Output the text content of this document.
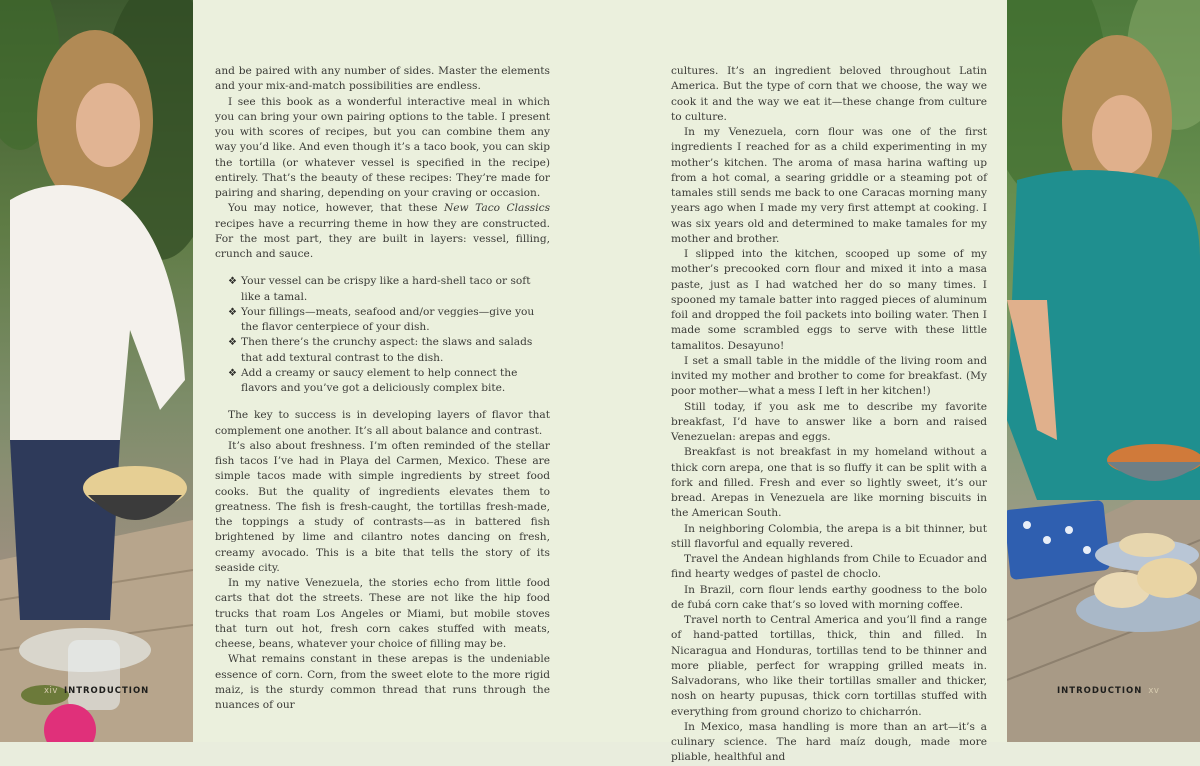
and be paired with any number of sides. Master the elements and your mix-and-match possibilities are endless.

I see this book as a wonderful interactive meal in which you can bring your own pairing options to the table. I present you with scores of recipes, but you can combine them any way you’d like. And even though it’s a taco book, you can skip the tortilla (or whatever vessel is specified in the recipe) entirely. That’s the beauty of these recipes: They’re made for pairing and sharing, depending on your craving or occasion.

You may notice, however, that these New Taco Classics recipes have a recurring theme in how they are constructed. For the most part, they are built in layers: vessel, filling, crunch and sauce.

❖ Your vessel can be crispy like a hard-shell taco or soft like a tamal.
❖ Your fillings—meats, seafood and/or veggies—give you the flavor centerpiece of your dish.
❖ Then there’s the crunchy aspect: the slaws and salads that add textural contrast to the dish.
❖ Add a creamy or saucy element to help connect the flavors and you’ve got a deliciously complex bite.

The key to success is in developing layers of flavor that complement one another. It’s all about balance and contrast.

It’s also about freshness. I’m often reminded of the stellar fish tacos I’ve had in Playa del Carmen, Mexico. These are simple tacos made with simple ingredients by street food cooks. But the quality of ingredients elevates them to greatness. The fish is fresh-caught, the tortillas fresh-made, the toppings a study of contrasts—as in battered fish brightened by lime and cilantro notes dancing on fresh, creamy avocado. This is a bite that tells the story of its seaside city.

In my native Venezuela, the stories echo from little food carts that dot the streets. These are not like the hip food trucks that roam Los Angeles or Miami, but mobile stoves that turn out hot, fresh corn cakes stuffed with meats, cheese, beans, whatever your choice of filling may be.

What remains constant in these arepas is the undeniable essence of corn. Corn, from the sweet elote to the more rigid maiz, is the sturdy common thread that runs through the nuances of our

cultures. It’s an ingredient beloved throughout Latin America. But the type of corn that we choose, the way we cook it and the way we eat it—these change from culture to culture.

In my Venezuela, corn flour was one of the first ingredients I reached for as a child experimenting in my mother’s kitchen. The aroma of masa harina wafting up from a hot comal, a searing griddle or a steaming pot of tamales still sends me back to one Caracas morning many years ago when I made my very first attempt at cooking. I was six years old and determined to make tamales for my mother and brother.

I slipped into the kitchen, scooped up some of my mother’s precooked corn flour and mixed it into a masa paste, just as I had watched her do so many times. I spooned my tamale batter into ragged pieces of aluminum foil and dropped the foil packets into boiling water. Then I made some scrambled eggs to serve with these little tamalitos. Desayuno!

I set a small table in the middle of the living room and invited my mother and brother to come for breakfast. (My poor mother—what a mess I left in her kitchen!)

Still today, if you ask me to describe my favorite breakfast, I’d have to answer like a born and raised Venezuelan: arepas and eggs.

Breakfast is not breakfast in my homeland without a thick corn arepa, one that is so fluffy it can be split with a fork and filled. Fresh and ever so lightly sweet, it’s our bread. Arepas in Venezuela are like morning biscuits in the American South.

In neighboring Colombia, the arepa is a bit thinner, but still flavorful and equally revered.

Travel the Andean highlands from Chile to Ecuador and find hearty wedges of pastel de choclo.

In Brazil, corn flour lends earthy goodness to the bolo de fubá corn cake that’s so loved with morning coffee.

Travel north to Central America and you’ll find a range of hand-patted tortillas, thick, thin and filled. In Nicaragua and Honduras, tortillas tend to be thinner and more pliable, perfect for wrapping grilled meats in. Salvadorans, who like their tortillas smaller and thicker, nosh on hearty pupusas, thick corn tortillas stuffed with everything from ground chorizo to chicharrón.

In Mexico, masa handling is more than an art—it’s a culinary science. The hard maíz dough, made more pliable, healthful and

xiv INTRODUCTION	INTRODUCTION xv
